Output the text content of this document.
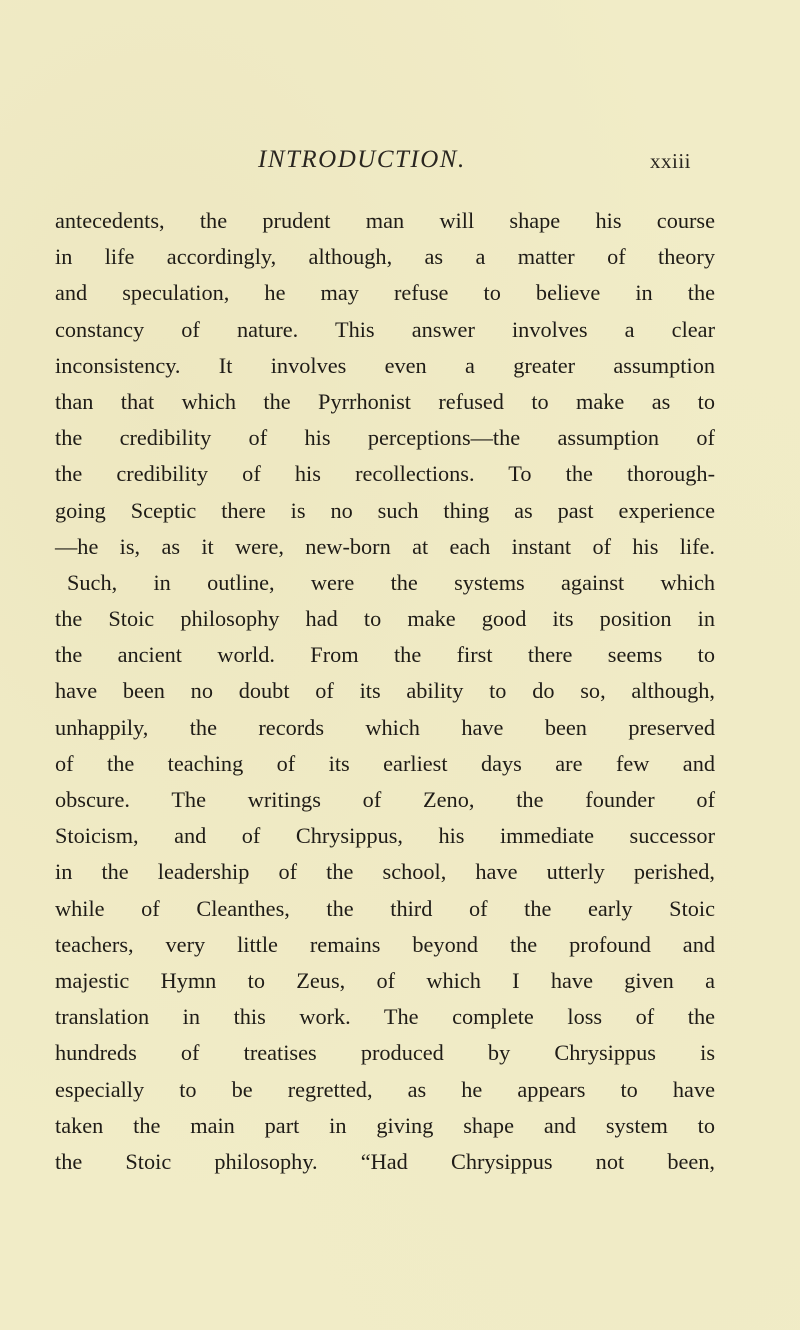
INTRODUCTION.	xxiii
antecedents, the prudent man will shape his course
in life accordingly, although, as a matter of theory
and speculation, he may refuse to believe in the
constancy of nature. This answer involves a clear
inconsistency. It involves even a greater assumption
than that which the Pyrrhonist refused to make as to
the credibility of his perceptions—the assumption of
the credibility of his recollections. To the thorough-
going Sceptic there is no such thing as past experience
—he is, as it were, new-born at each instant of his life.
Such, in outline, were the systems against which
the Stoic philosophy had to make good its position in
the ancient world. From the first there seems to
have been no doubt of its ability to do so, although,
unhappily, the records which have been preserved
of the teaching of its earliest days are few and
obscure. The writings of Zeno, the founder of
Stoicism, and of Chrysippus, his immediate successor
in the leadership of the school, have utterly perished,
while of Cleanthes, the third of the early Stoic
teachers, very little remains beyond the profound and
majestic Hymn to Zeus, of which I have given a
translation in this work. The complete loss of the
hundreds of treatises produced by Chrysippus is
especially to be regretted, as he appears to have
taken the main part in giving shape and system to
the Stoic philosophy. “Had Chrysippus not been,
